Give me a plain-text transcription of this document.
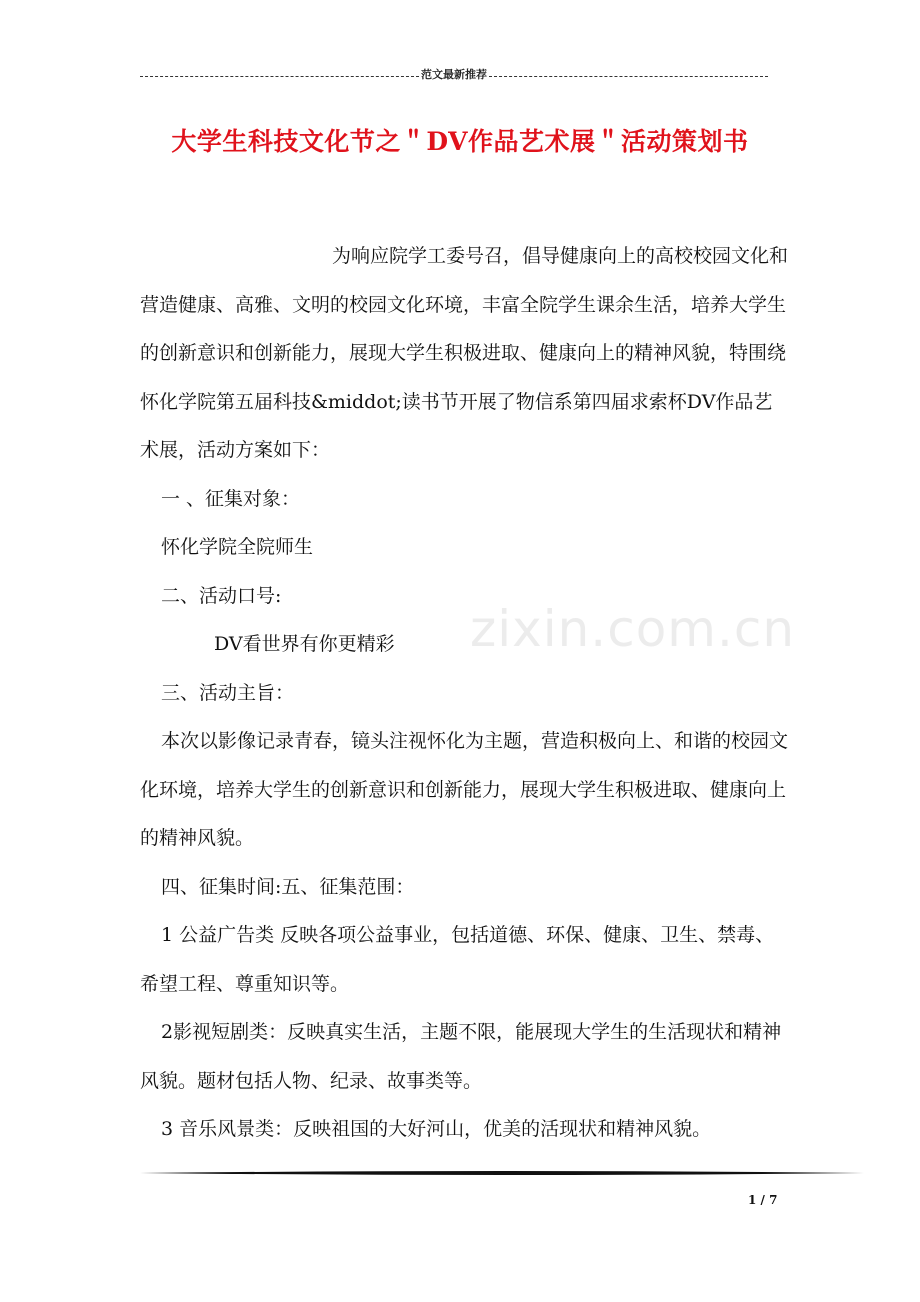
范文最新推荐
大学生科技文化节之＂DV作品艺术展＂活动策划书
zixin.com.cn

为响应院学工委号召，倡导健康向上的高校校园文化和营造健康、高雅、文明的校园文化环境，丰富全院学生课余生活，培养大学生的创新意识和创新能力，展现大学生积极进取、健康向上的精神风貌，特围绕怀化学院第五届科技&middot;读书节开展了物信系第四届求索杯DV作品艺术展，活动方案如下：

一 、征集对象：

怀化学院全院师生

二、活动口号:

DV看世界有你更精彩

三、活动主旨：

本次以影像记录青春，镜头注视怀化为主题，营造积极向上、和谐的校园文化环境，培养大学生的创新意识和创新能力，展现大学生积极进取、健康向上的精神风貌。

四、征集时间:五、征集范围：

1 公益广告类 反映各项公益事业，包括道德、环保、健康、卫生、禁毒、希望工程、尊重知识等。

2影视短剧类：反映真实生活，主题不限，能展现大学生的生活现状和精神风貌。题材包括人物、纪录、故事类等。

3 音乐风景类：反映祖国的大好河山，优美的活现状和精神风貌。

1 / 7
